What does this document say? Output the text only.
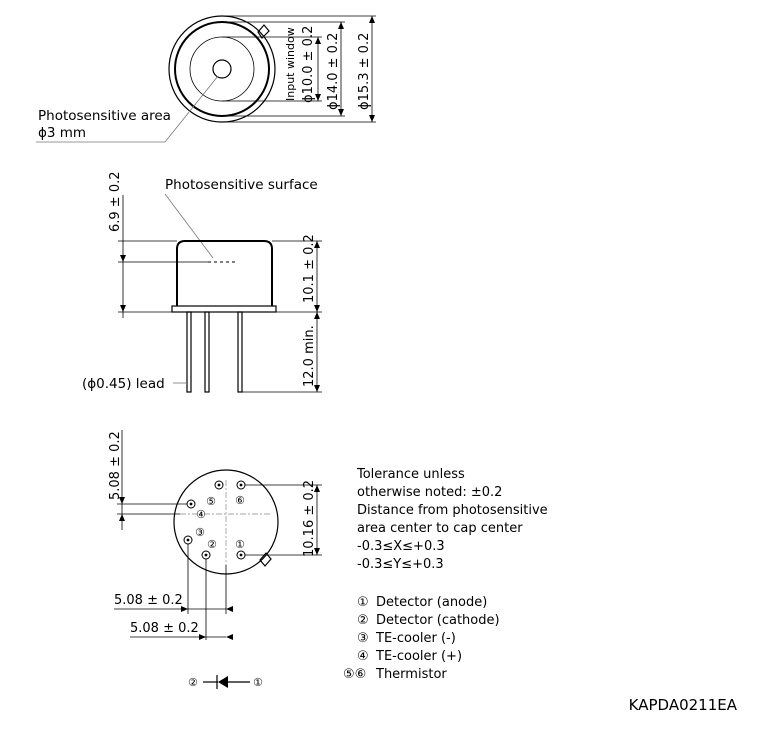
Photosensitive area
ϕ3 mm
Input window ϕ10.0 ± 0.2 ϕ14.0 ± 0.2 ϕ15.3 ± 0.2
Photosensitive surface
(ϕ0.45) lead
6.9 ± 0.2
10.1 ± 0.2
12.0 min.
⑤ ⑥
④
③
② ①
5.08 ± 0.2
10.16 ± 0.2
5.08 ± 0.2
5.08 ± 0.2
②	①
Tolerance unless
otherwise noted: ±0.2
Distance from photosensitive
area center to cap center
-0.3≤X≤+0.3
-0.3≤Y≤+0.3
① Detector (anode)
② Detector (cathode)
③ TE-cooler (-)
④ TE-cooler (+)
⑤⑥ Thermistor
KAPDA0211EA
